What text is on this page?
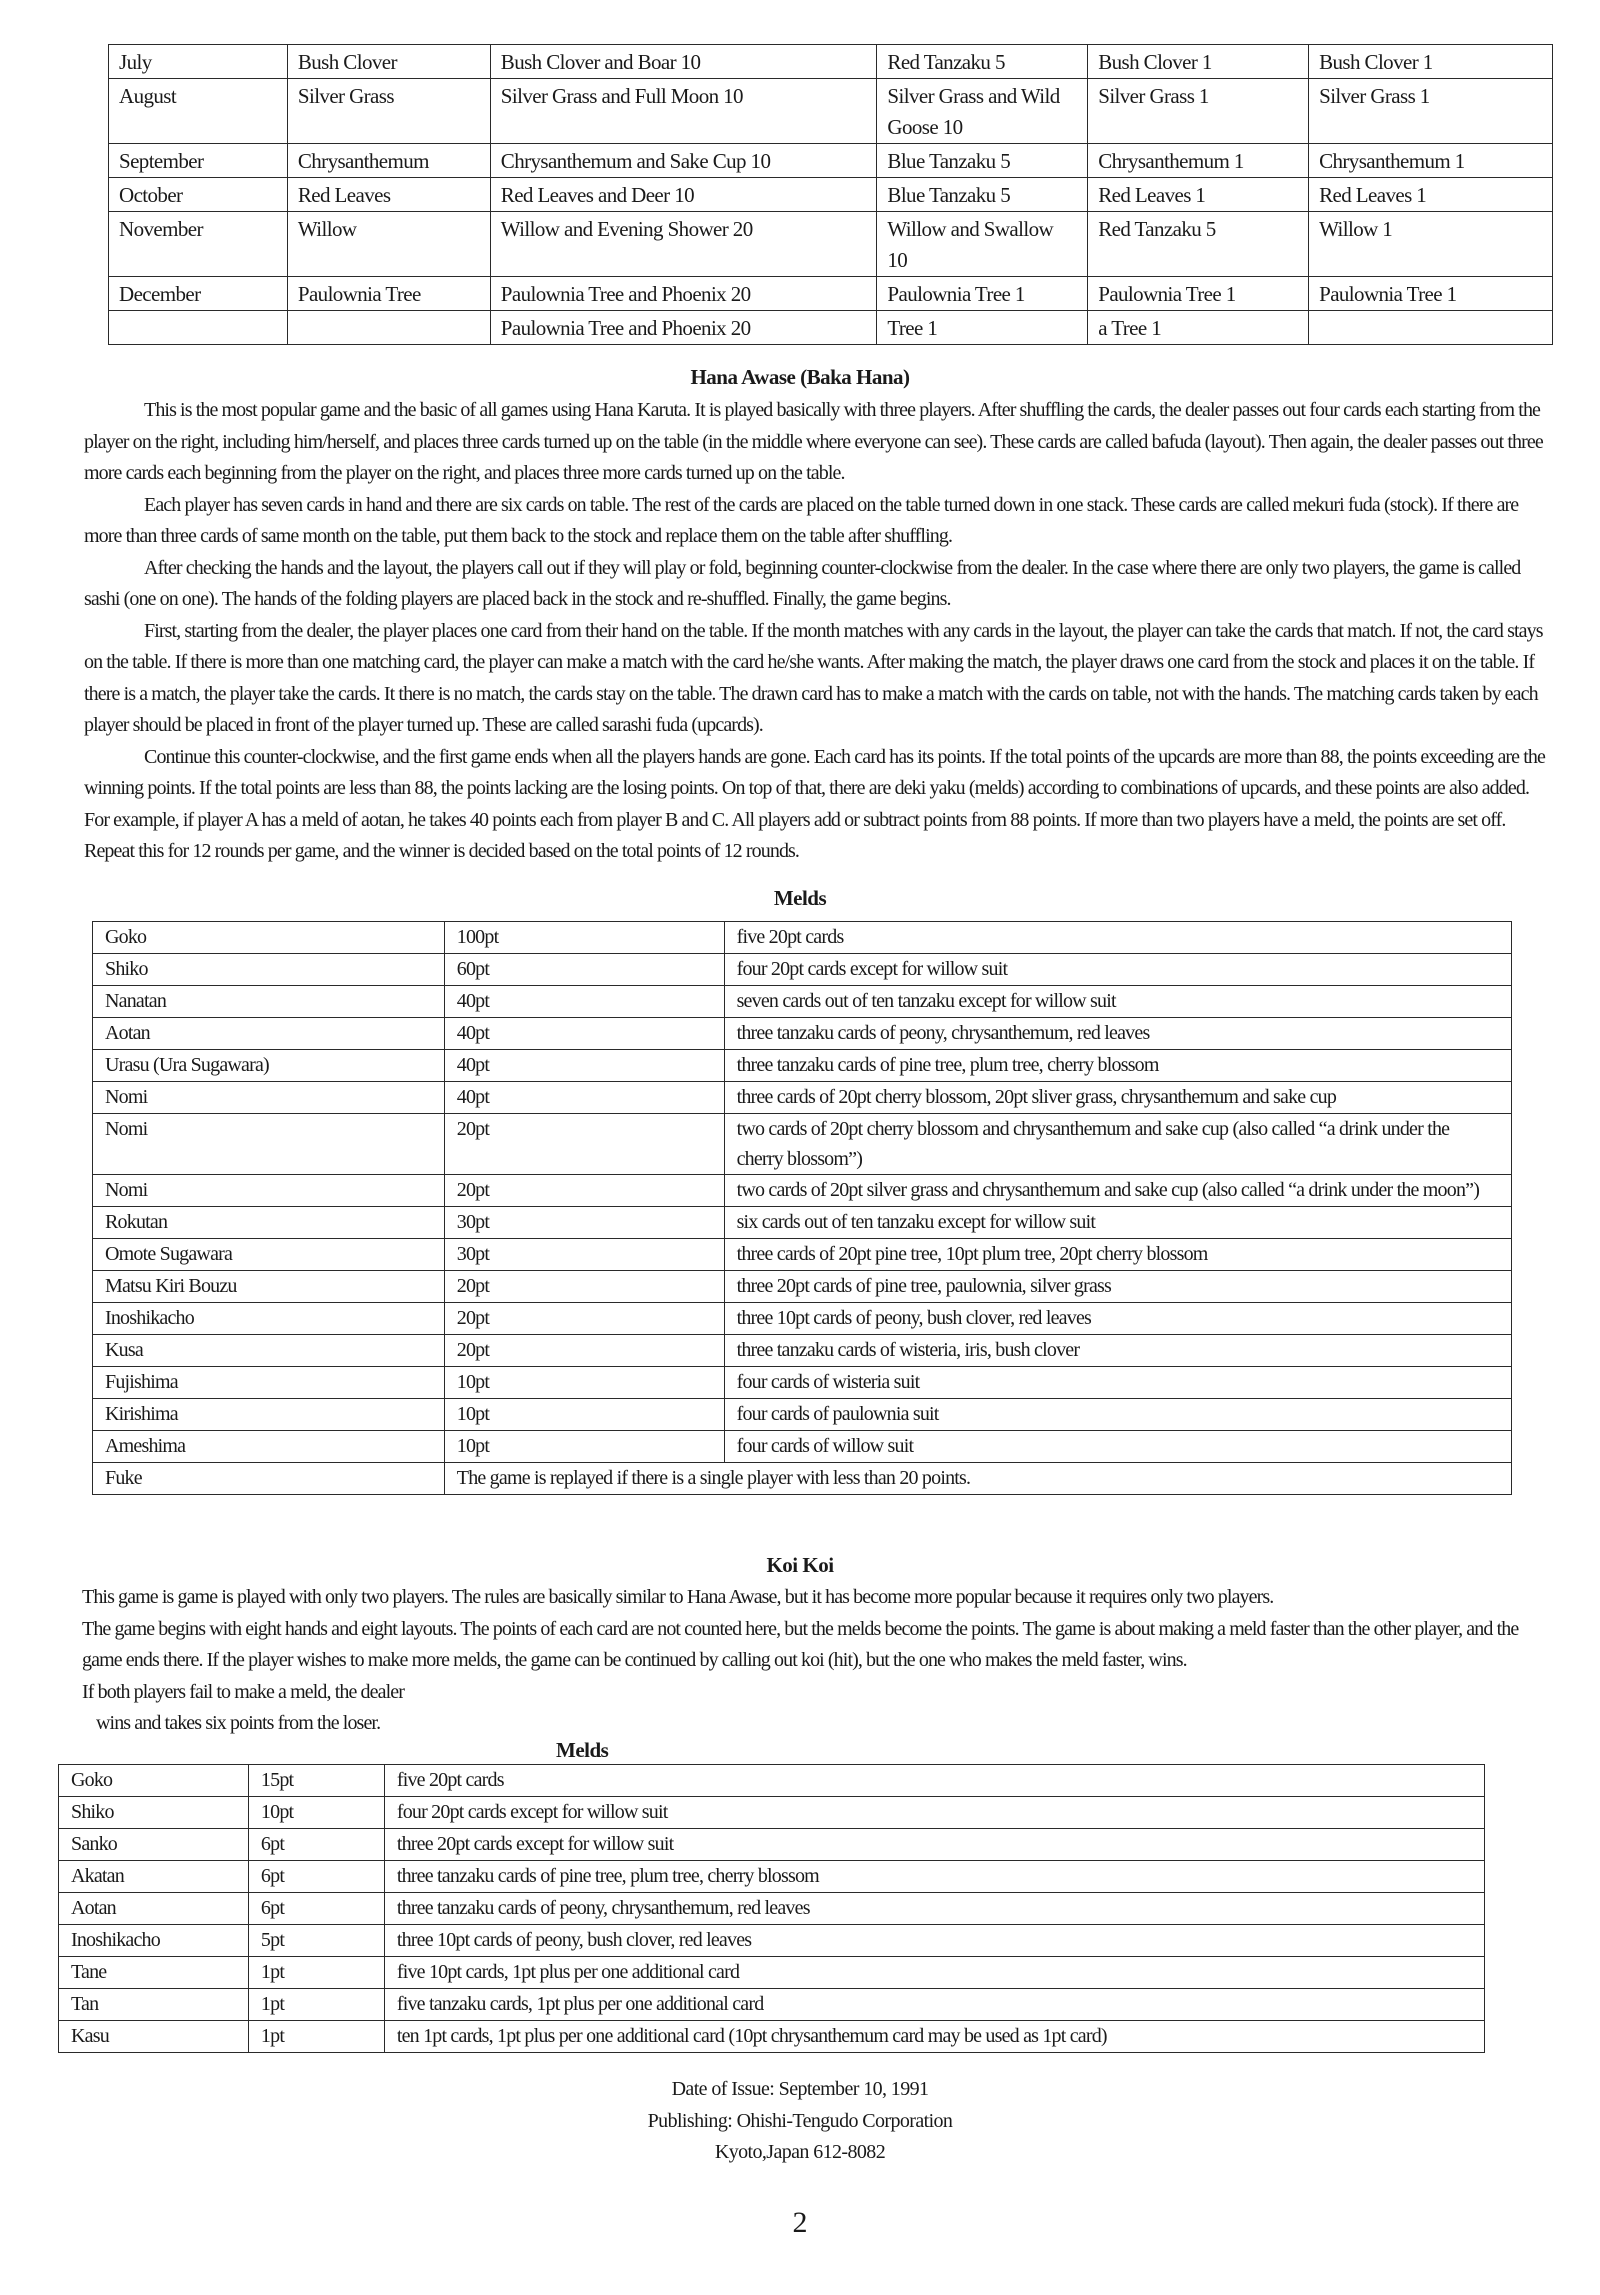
July	Bush Clover	Bush Clover and Boar 10	Red Tanzaku 5	Bush Clover 1	Bush Clover 1
August	Silver Grass	Silver Grass and Full Moon 10	Silver Grass and Wild Goose 10	Silver Grass 1	Silver Grass 1
September	Chrysanthemum	Chrysanthemum and Sake Cup 10	Blue Tanzaku 5	Chrysanthemum 1	Chrysanthemum 1
October	Red Leaves	Red Leaves and Deer 10	Blue Tanzaku 5	Red Leaves 1	Red Leaves 1
November	Willow	Willow and Evening Shower 20	Willow and Swallow 10	Red Tanzaku 5	Willow 1
December	Paulownia Tree	Paulownia Tree and Phoenix 20	Paulownia Tree 1	Paulownia Tree 1	Paulownia Tree 1
		Paulownia Tree and Phoenix 20	Tree 1	a Tree 1	
Hana Awase (Baka Hana)

This is the most popular game and the basic of all games using Hana Karuta. It is played basically with three players. After shuffling the cards, the dealer passes out four cards each starting from the player on the right, including him/herself, and places three cards turned up on the table (in the middle where everyone can see). These cards are called bafuda (layout). Then again, the dealer passes out three more cards each beginning from the player on the right, and places three more cards turned up on the table.

Each player has seven cards in hand and there are six cards on table. The rest of the cards are placed on the table turned down in one stack. These cards are called mekuri fuda (stock). If there are more than three cards of same month on the table, put them back to the stock and replace them on the table after shuffling.

After checking the hands and the layout, the players call out if they will play or fold, beginning counter-clockwise from the dealer. In the case where there are only two players, the game is called sashi (one on one). The hands of the folding players are placed back in the stock and re-shuffled. Finally, the game begins.

First, starting from the dealer, the player places one card from their hand on the table. If the month matches with any cards in the layout, the player can take the cards that match. If not, the card stays on the table. If there is more than one matching card, the player can make a match with the card he/she wants. After making the match, the player draws one card from the stock and places it on the table. If there is a match, the player take the cards. It there is no match, the cards stay on the table. The drawn card has to make a match with the cards on table, not with the hands. The matching cards taken by each player should be placed in front of the player turned up. These are called sarashi fuda (upcards).

Continue this counter-clockwise, and the first game ends when all the players hands are gone. Each card has its points. If the total points of the upcards are more than 88, the points exceeding are the winning points. If the total points are less than 88, the points lacking are the losing points. On top of that, there are deki yaku (melds) according to combinations of upcards, and these points are also added. For example, if player A has a meld of aotan, he takes 40 points each from player B and C. All players add or subtract points from 88 points. If more than two players have a meld, the points are set off. Repeat this for 12 rounds per game, and the winner is decided based on the total points of 12 rounds.

Melds
Goko	100pt	five 20pt cards
Shiko	60pt	four 20pt cards except for willow suit
Nanatan	40pt	seven cards out of ten tanzaku except for willow suit
Aotan	40pt	three tanzaku cards of peony, chrysanthemum, red leaves
Urasu (Ura Sugawara)	40pt	three tanzaku cards of pine tree, plum tree, cherry blossom
Nomi	40pt	three cards of 20pt cherry blossom, 20pt sliver grass, chrysanthemum and sake cup
Nomi	20pt	two cards of 20pt cherry blossom and chrysanthemum and sake cup (also called “a drink under the cherry blossom”)
Nomi	20pt	two cards of 20pt silver grass and chrysanthemum and sake cup (also called “a drink under the moon”)
Rokutan	30pt	six cards out of ten tanzaku except for willow suit
Omote Sugawara	30pt	three cards of 20pt pine tree, 10pt plum tree, 20pt cherry blossom
Matsu Kiri Bouzu	20pt	three 20pt cards of pine tree, paulownia, silver grass
Inoshikacho	20pt	three 10pt cards of peony, bush clover, red leaves
Kusa	20pt	three tanzaku cards of wisteria, iris, bush clover
Fujishima	10pt	four cards of wisteria suit
Kirishima	10pt	four cards of paulownia suit
Ameshima	10pt	four cards of willow suit
Fuke	The game is replayed if there is a single player with less than 20 points.	
Koi Koi

This game is game is played with only two players. The rules are basically similar to Hana Awase, but it has become more popular because it requires only two players.

The game begins with eight hands and eight layouts. The points of each card are not counted here, but the melds become the points. The game is about making a meld faster than the other player, and the game ends there. If the player wishes to make more melds, the game can be continued by calling out koi (hit), but the one who makes the meld faster, wins.

If both players fail to make a meld, the dealer

wins and takes six points from the loser.

Melds
Goko	15pt	five 20pt cards
Shiko	10pt	four 20pt cards except for willow suit
Sanko	6pt	three 20pt cards except for willow suit
Akatan	6pt	three tanzaku cards of pine tree, plum tree, cherry blossom
Aotan	6pt	three tanzaku cards of peony, chrysanthemum, red leaves
Inoshikacho	5pt	three 10pt cards of peony, bush clover, red leaves
Tane	1pt	five 10pt cards, 1pt plus per one additional card
Tan	1pt	five tanzaku cards, 1pt plus per one additional card
Kasu	1pt	ten 1pt cards, 1pt plus per one additional card (10pt chrysanthemum card may be used as 1pt card)
Date of Issue: September 10, 1991
Publishing: Ohishi-Tengudo Corporation
Kyoto,Japan 612-8082
2
